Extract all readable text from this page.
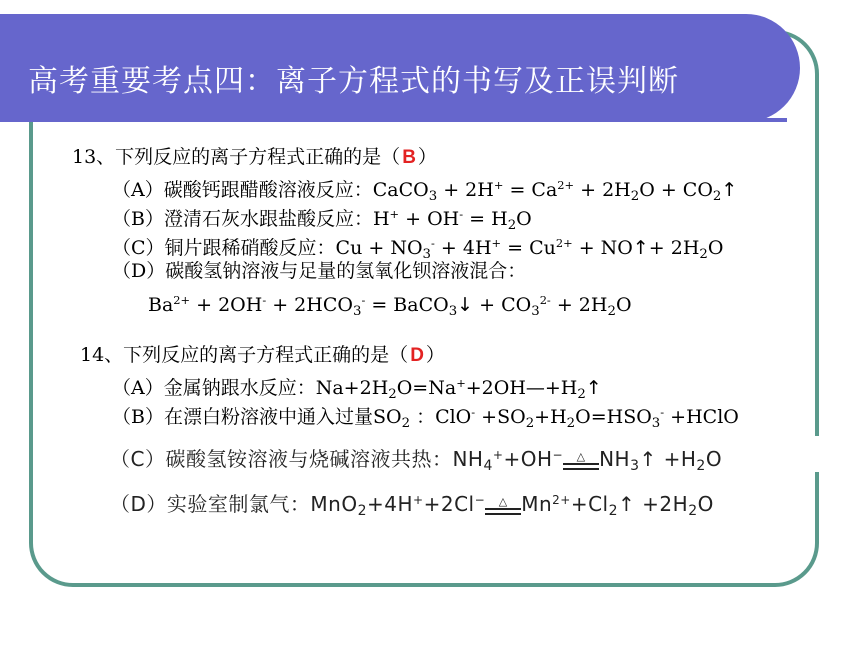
高考重要考点四：离子方程式的书写及正误判断
13、下列反应的离子方程式正确的是（ B ）
（A）碳酸钙跟醋酸溶液反应：CaCO$_3$ + $2H^+ = Ca^{2+} + 2H_2O$ + $CO_2↑$
（B）澄清石灰水跟盐酸反应：$H^+ + OH^- = H_2O$
（C）铜片跟稀硝酸反应：$Cu + NO_3^- + 4H^+ = Cu^{2+}$ + NO↑+ $2H_2O$
（D）碳酸氢钠溶液与足量的氢氧化钡溶液混合：
$Ba^{2+} + 2OH^- + 2HCO_3^-$ = BaCO$_3$↓ + $CO_3^{2-} + 2H_2O$
14、下列反应的离子方程式正确的是（ D ）
（A）金属钠跟水反应：$Na+2H_2O=Na^++2OH—+H_2↑$
（B）在漂白粉溶液中通入过量$SO_2$ ：$ClO^- +SO_2+H_2O=HSO_3^-$ +HClO
（C）碳酸氢铵溶液与烧碱溶液共热：$NH_4^++OH^-$	△ $NH_3↑ +H_2O$
（D）实验室制氯气：MnO$_2$+4H++2Cl−	△ $Mn^{2+}+Cl_2↑ +2H_2O$
